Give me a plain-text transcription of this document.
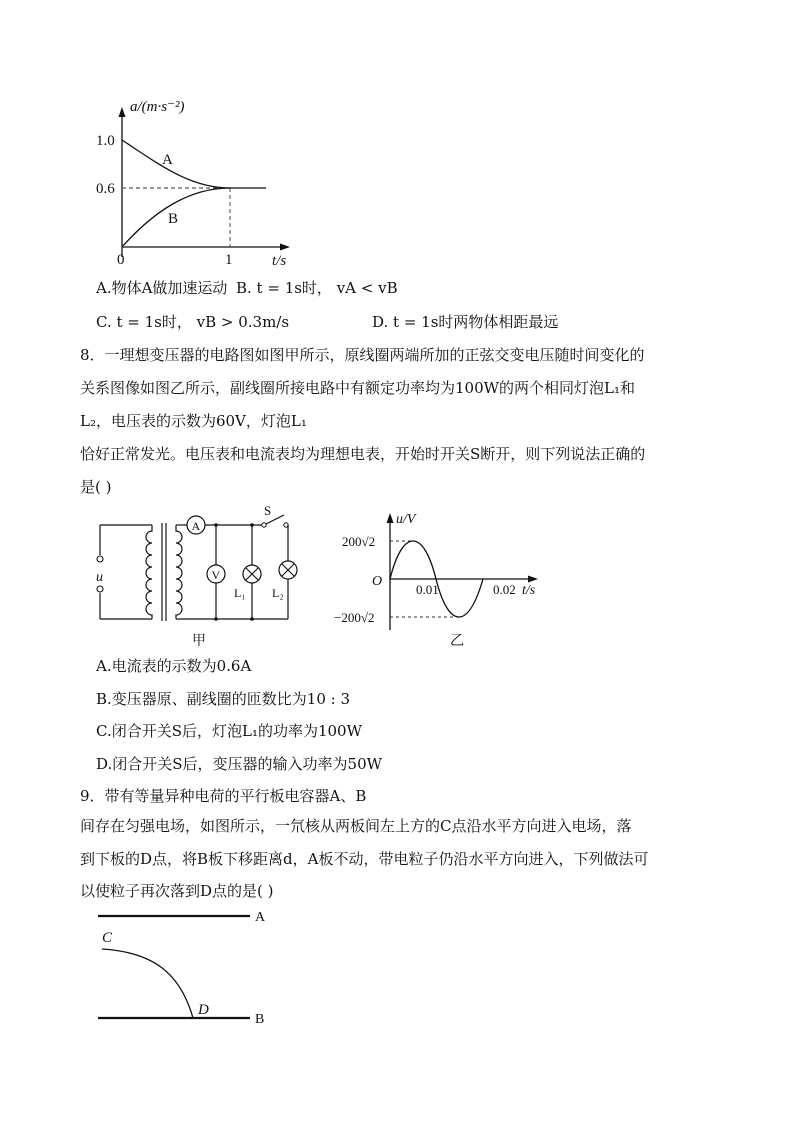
a/(m·s⁻²)
1.0
0.6
0	1	t/s
A
B
A.物体A做加速运动 B. t = 1s时， vA < vB
C. t = 1s时， vB > 0.3m/s	D. t = 1s时两物体相距最远
8．一理想变压器的电路图如图甲所示，原线圈两端所加的正弦交变电压随时间变化的
关系图像如图乙所示，副线圈所接电路中有额定功率均为100W的两个相同灯泡L₁和
L₂，电压表的示数为60V，灯泡L₁
恰好正常发光。电压表和电流表均为理想电表，开始时开关S断开，则下列说法正确的
是( )
u
A
S
V
L₁ L₂
甲
u/V
200√2
O
0.01	0.02 t/s
−200√2
乙
A.电流表的示数为0.6A
B.变压器原、副线圈的匝数比为10 : 3
C.闭合开关S后，灯泡L₁的功率为100W
D.闭合开关S后，变压器的输入功率为50W
9．带有等量异种电荷的平行板电容器A、B
间存在匀强电场，如图所示，一氘核从两板间左上方的C点沿水平方向进入电场，落
到下板的D点，将B板下移距离d，A板不动，带电粒子仍沿水平方向进入，下列做法可
以使粒子再次落到D点的是( )
A
B
C
D
